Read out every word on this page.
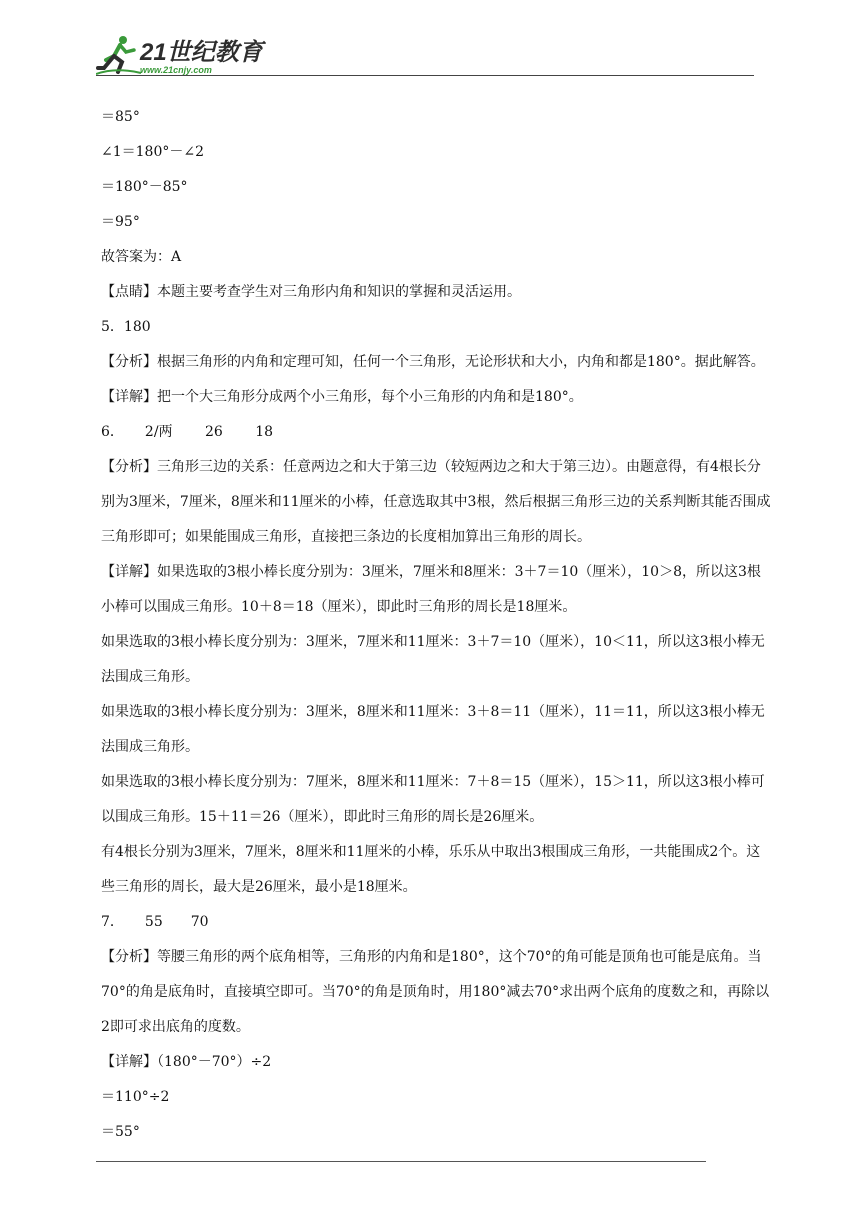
21世纪教育
www.21cnjy.com
＝85°
∠1＝180°－∠2
＝180°－85°
＝95°
故答案为：A
【点睛】本题主要考查学生对三角形内角和知识的掌握和灵活运用。
5．180
【分析】根据三角形的内角和定理可知，任何一个三角形，无论形状和大小，内角和都是180°。据此解答。
【详解】把一个大三角形分成两个小三角形，每个小三角形的内角和是180°。
6．　　2/两　　 26　　 18
【分析】三角形三边的关系：任意两边之和大于第三边（较短两边之和大于第三边）。由题意得，有4根长分别为3厘米，7厘米，8厘米和11厘米的小棒，任意选取其中3根，然后根据三角形三边的关系判断其能否围成三角形即可；如果能围成三角形，直接把三条边的长度相加算出三角形的周长。
【详解】如果选取的3根小棒长度分别为：3厘米，7厘米和8厘米：3＋7＝10（厘米），10＞8，所以这3根小棒可以围成三角形。10＋8＝18（厘米），即此时三角形的周长是18厘米。
如果选取的3根小棒长度分别为：3厘米，7厘米和11厘米：3＋7＝10（厘米），10＜11，所以这3根小棒无法围成三角形。
如果选取的3根小棒长度分别为：3厘米，8厘米和11厘米：3＋8＝11（厘米），11＝11，所以这3根小棒无法围成三角形。
如果选取的3根小棒长度分别为：7厘米，8厘米和11厘米：7＋8＝15（厘米），15＞11，所以这3根小棒可以围成三角形。15＋11＝26（厘米），即此时三角形的周长是26厘米。
有4根长分别为3厘米，7厘米，8厘米和11厘米的小棒，乐乐从中取出3根围成三角形，一共能围成2个。这些三角形的周长，最大是26厘米，最小是18厘米。
7．　　55　　70
【分析】等腰三角形的两个底角相等，三角形的内角和是180°，这个70°的角可能是顶角也可能是底角。当70°的角是底角时，直接填空即可。当70°的角是顶角时，用180°减去70°求出两个底角的度数之和，再除以2即可求出底角的度数。
【详解】（180°－70°）÷2
＝110°÷2
＝55°
